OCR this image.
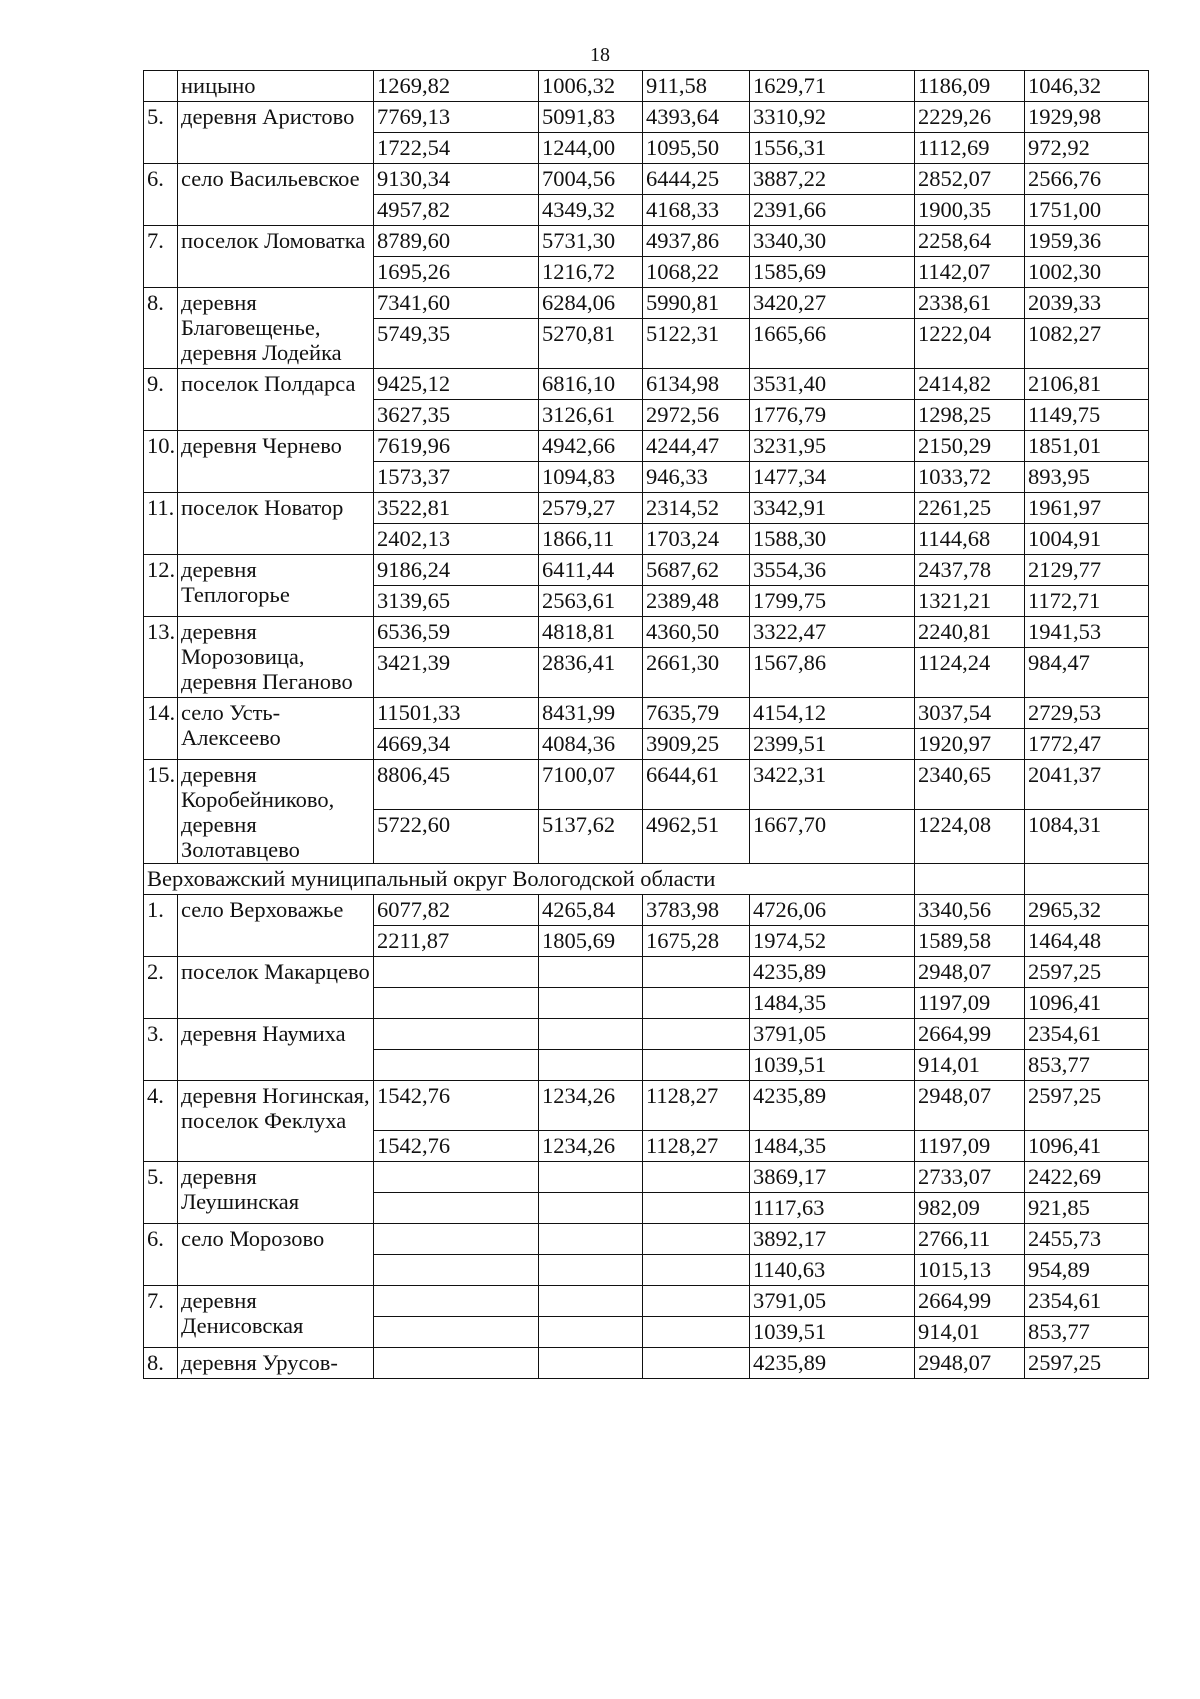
18
	ницыно	1269,82	1006,32	911,58	1629,71	1186,09	1046,32
5.	деревня Аристово	7769,13	5091,83	4393,64	3310,92	2229,26	1929,98
		1722,54	1244,00	1095,50	1556,31	1112,69	972,92
6.	село Васильевское	9130,34	7004,56	6444,25	3887,22	2852,07	2566,76
		4957,82	4349,32	4168,33	2391,66	1900,35	1751,00
7.	поселок Ломоватка	8789,60	5731,30	4937,86	3340,30	2258,64	1959,36
		1695,26	1216,72	1068,22	1585,69	1142,07	1002,30
8.	деревня Благовещенье, деревня Лодейка	7341,60	6284,06	5990,81	3420,27	2338,61	2039,33
		5749,35	5270,81	5122,31	1665,66	1222,04	1082,27
9.	поселок Полдарса	9425,12	6816,10	6134,98	3531,40	2414,82	2106,81
		3627,35	3126,61	2972,56	1776,79	1298,25	1149,75
10.	деревня Чернево	7619,96	4942,66	4244,47	3231,95	2150,29	1851,01
		1573,37	1094,83	946,33	1477,34	1033,72	893,95
11.	поселок Новатор	3522,81	2579,27	2314,52	3342,91	2261,25	1961,97
		2402,13	1866,11	1703,24	1588,30	1144,68	1004,91
12.	деревня Теплогорье	9186,24	6411,44	5687,62	3554,36	2437,78	2129,77
		3139,65	2563,61	2389,48	1799,75	1321,21	1172,71
13.	деревня Морозовица, деревня Пеганово	6536,59	4818,81	4360,50	3322,47	2240,81	1941,53
		3421,39	2836,41	2661,30	1567,86	1124,24	984,47
14.	село Усть-Алексеево	11501,33	8431,99	7635,79	4154,12	3037,54	2729,53
		4669,34	4084,36	3909,25	2399,51	1920,97	1772,47
15.	деревня Коробейниково, деревня Золотавцево	8806,45	7100,07	6644,61	3422,31	2340,65	2041,37
		5722,60	5137,62	4962,51	1667,70	1224,08	1084,31
Верховажский муниципальный округ Вологодской области							
1.	село Верховажье	6077,82	4265,84	3783,98	4726,06	3340,56	2965,32
		2211,87	1805,69	1675,28	1974,52	1589,58	1464,48
2.	поселок Макарцево				4235,89	2948,07	2597,25
					1484,35	1197,09	1096,41
3.	деревня Наумиха				3791,05	2664,99	2354,61
					1039,51	914,01	853,77
4.	деревня Ногинская, поселок Феклуха	1542,76	1234,26	1128,27	4235,89	2948,07	2597,25
		1542,76	1234,26	1128,27	1484,35	1197,09	1096,41
5.	деревня Леушинская				3869,17	2733,07	2422,69
					1117,63	982,09	921,85
6.	село Морозово				3892,17	2766,11	2455,73
					1140,63	1015,13	954,89
7.	деревня Денисовская				3791,05	2664,99	2354,61
					1039,51	914,01	853,77
8.	деревня Урусов-				4235,89	2948,07	2597,25
